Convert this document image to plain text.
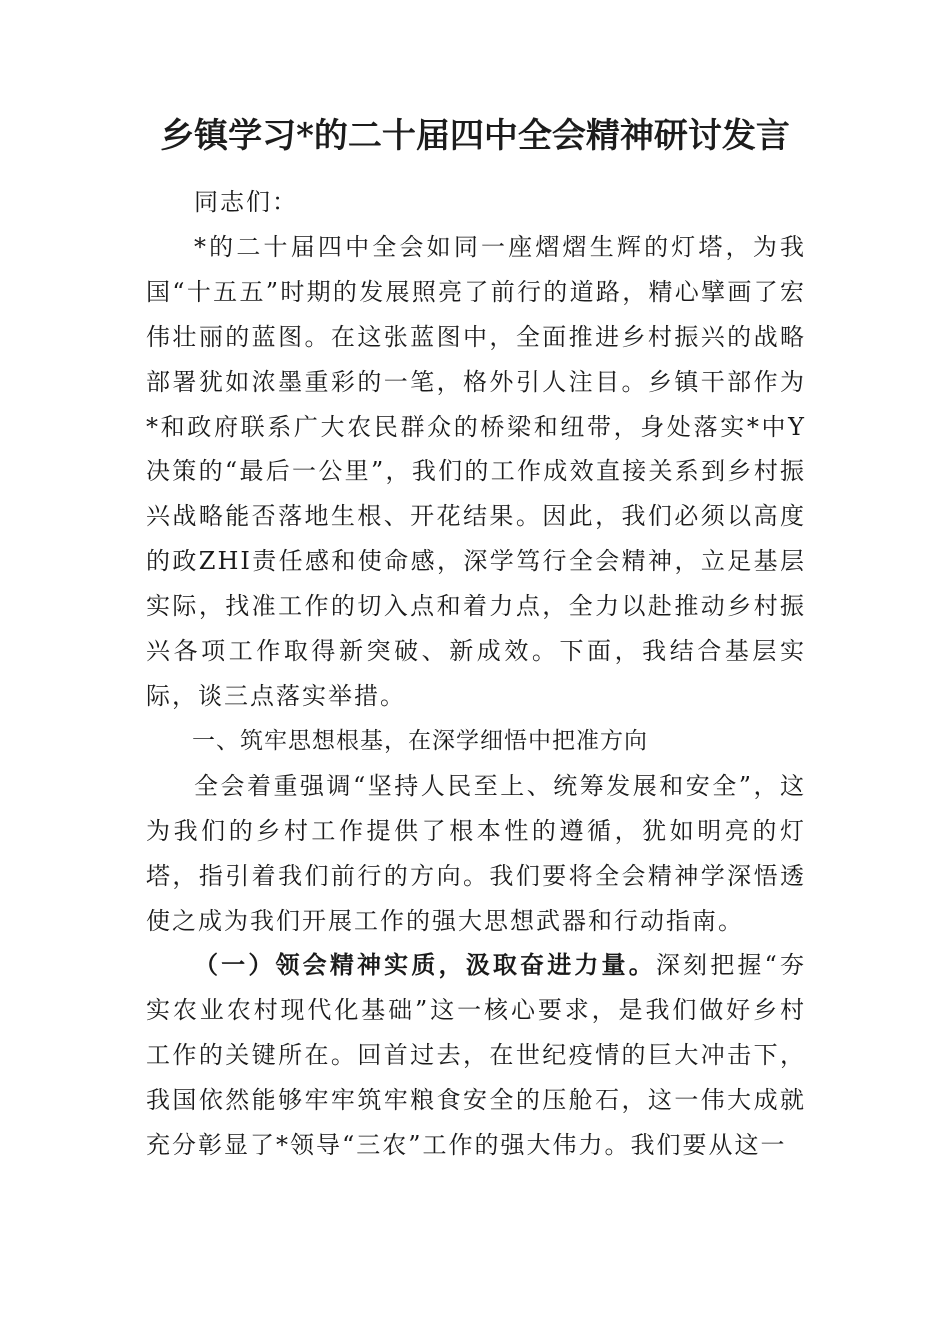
乡镇学习*的二十届四中全会精神研讨发言

同志们：

*的二十届四中全会如同一座熠熠生辉的灯塔，为我国“十五五”时期的发展照亮了前行的道路，精心擘画了宏伟壮丽的蓝图。在这张蓝图中，全面推进乡村振兴的战略部署犹如浓墨重彩的一笔，格外引人注目。乡镇干部作为*和政府联系广大农民群众的桥梁和纽带，身处落实*中Y决策的“最后一公里”，我们的工作成效直接关系到乡村振兴战略能否落地生根、开花结果。因此，我们必须以高度的政ZHI责任感和使命感，深学笃行全会精神，立足基层实际，找准工作的切入点和着力点，全力以赴推动乡村振兴各项工作取得新突破、新成效。下面，我结合基层实际，谈三点落实举措。

一、筑牢思想根基，在深学细悟中把准方向

全会着重强调“坚持人民至上、统筹发展和安全”，这为我们的乡村工作提供了根本性的遵循，犹如明亮的灯塔，指引着我们前行的方向。我们要将全会精神学深悟透使之成为我们开展工作的强大思想武器和行动指南。

（一）领会精神实质，汲取奋进力量。深刻把握“夯实农业农村现代化基础”这一核心要求，是我们做好乡村工作的关键所在。回首过去，在世纪疫情的巨大冲击下，我国依然能够牢牢筑牢粮食安全的压舱石，这一伟大成就充分彰显了*领导“三农”工作的强大伟力。我们要从这一
